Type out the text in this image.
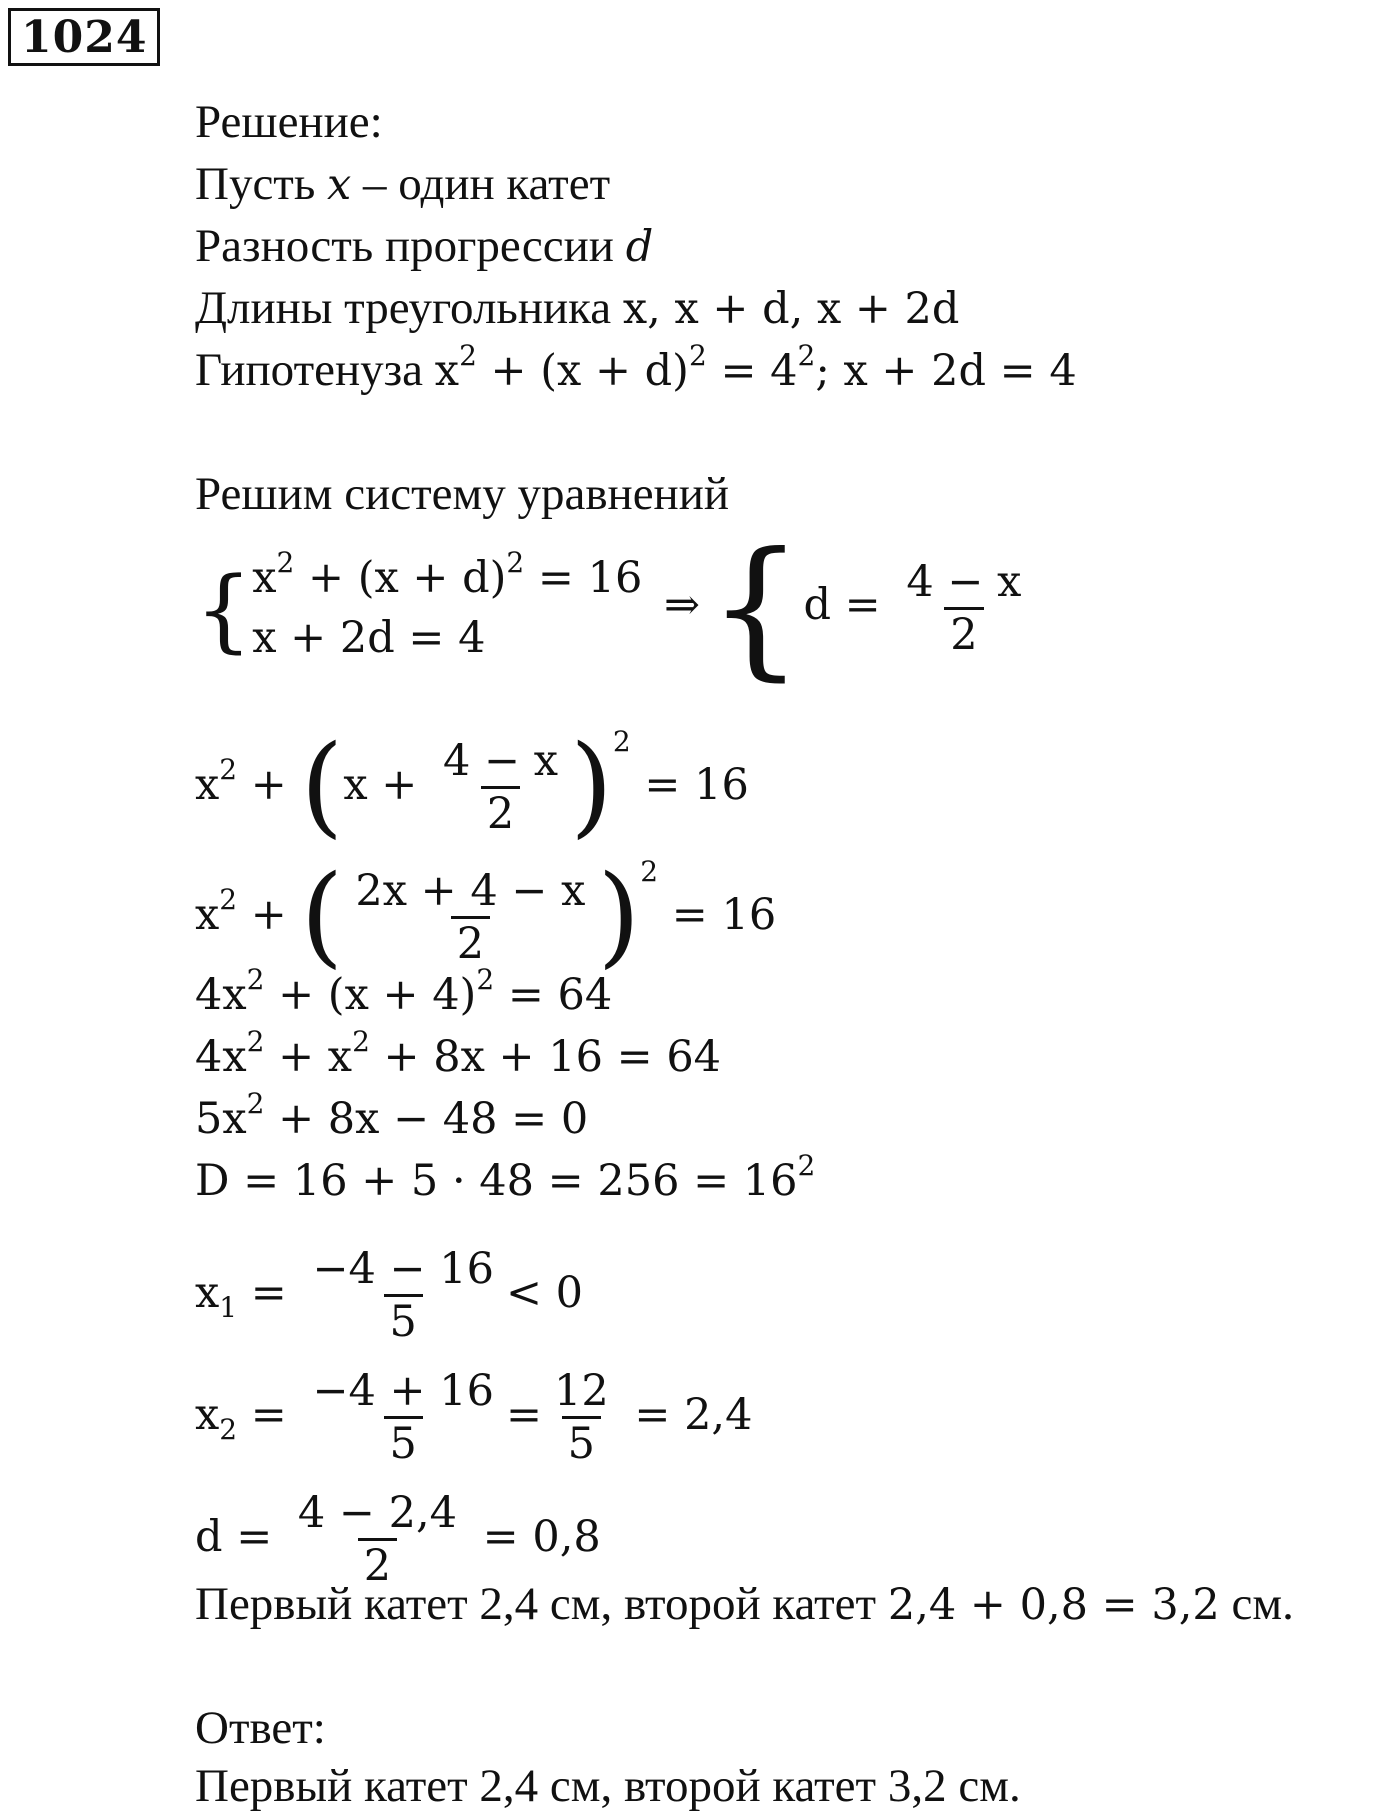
1024
Решение:
Пусть x – один катет
Разность прогрессии d
Длины треугольника x, x + d, x + 2d
Гипотенуза $x^2 + (x + d)^2 = 4^2$; x + 2d = 4
Решим систему уравнений
{ $x^2 + (x + d)^2 = 16$
x + 2d = 4
⇒{d = $\frac{4 - x}{2}$
$x^2 + (x + \frac{4 - x}{2} )^2 = 16$
$x^2$ + ( $\frac{2x + 4 - x}{2} )^2 = 16$
$4x^2 + (x + 4)^2 = 64$
$4x^2 + x^2 + 8x + 16 = 64$
$5x^2 + 8x - 48 = 0$
$D = 16 + 5 \cdot 48 = 256 = 16^2$
$x_1 = \frac{-4 - 16}{5} < 0$
$x_2 = \frac{-4 + 16}{5} = \frac{12}{5} = 2,4$
$d = \frac{4 - 2,4}{2} = 0,8$
Первый катет 2,4 см, второй катет 2,4 + 0,8 = 3,2 см.
Ответ:
Первый катет 2,4 см, второй катет 3,2 см.
